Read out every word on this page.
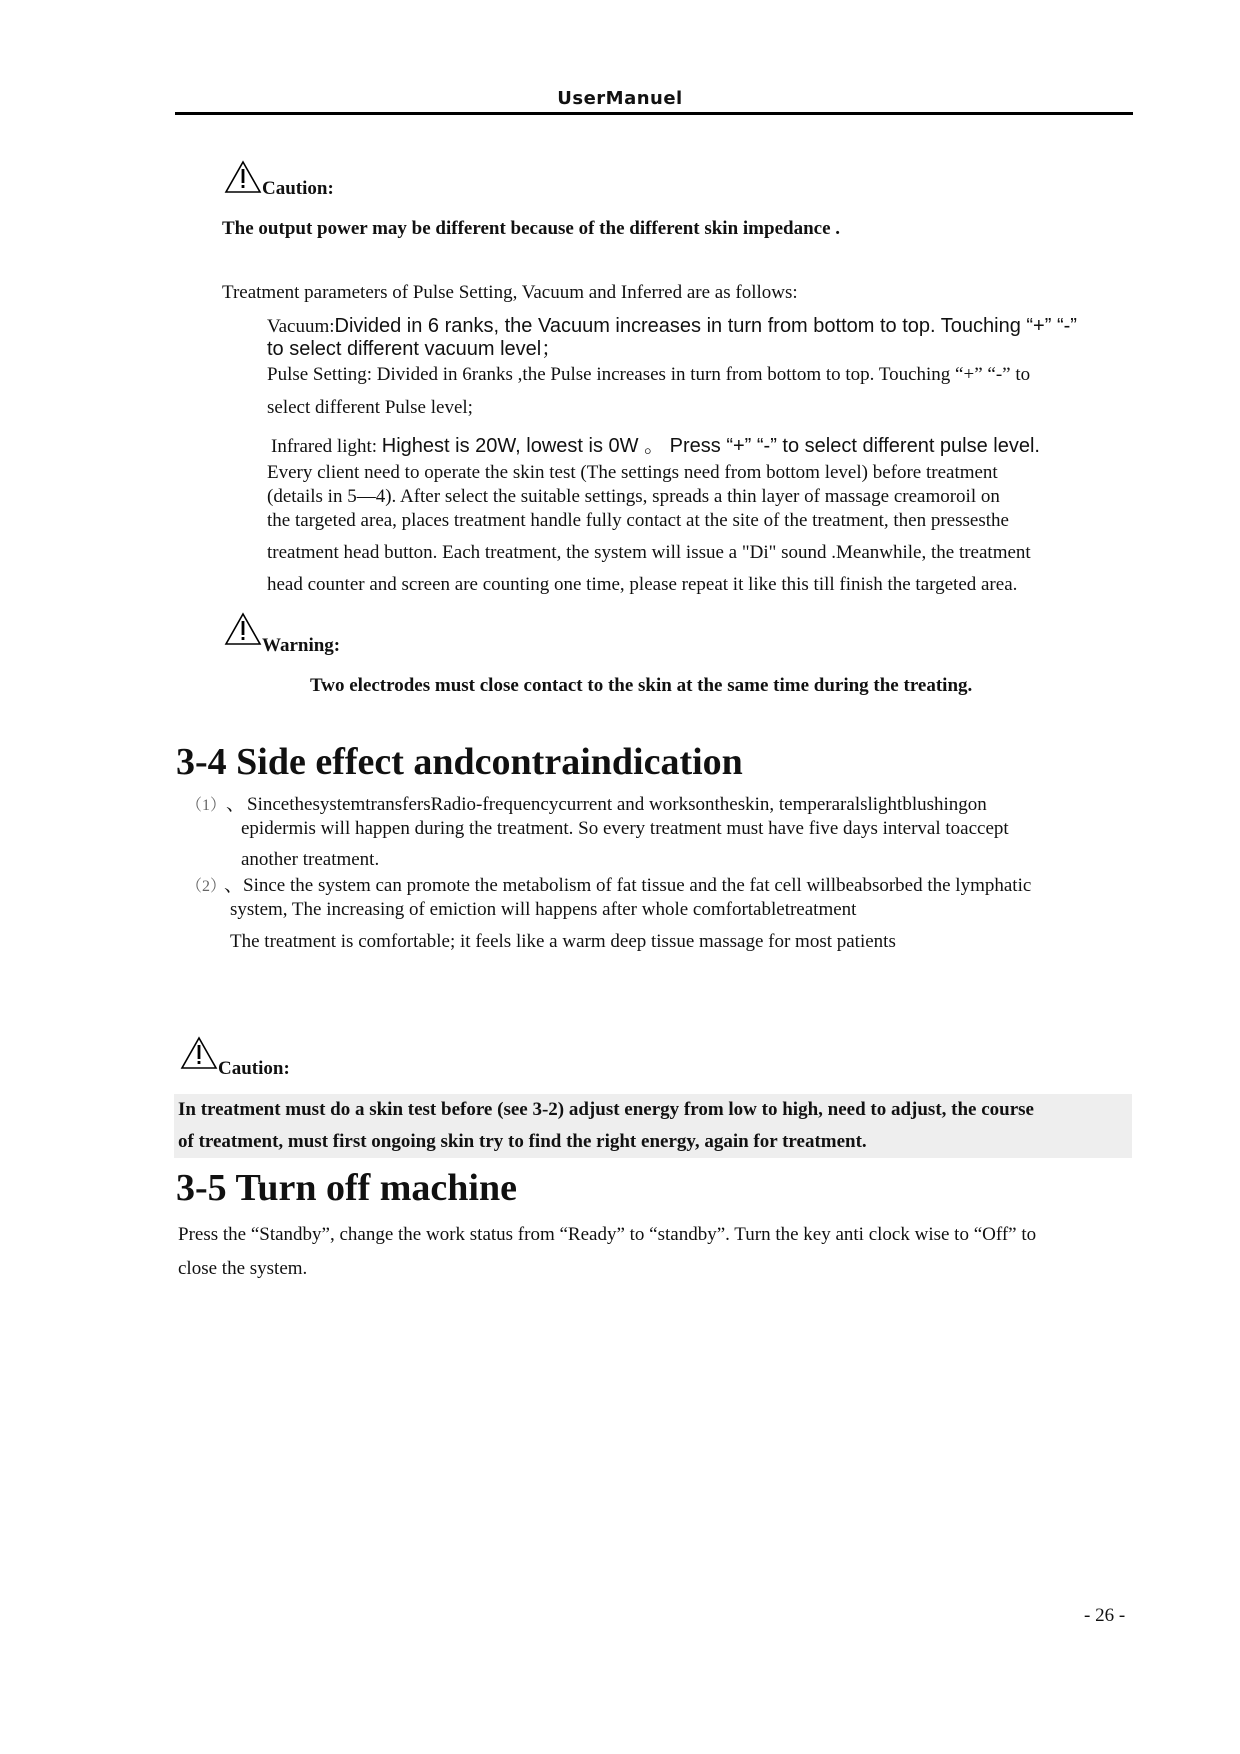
UserManuel
Caution:
The output power may be different because of the different skin impedance .
Treatment parameters of Pulse Setting, Vacuum and Inferred are as follows:
Vacuum:Divided in 6 ranks, the Vacuum increases in turn from bottom to top. Touching “+” “-”
to select different vacuum level；
Pulse Setting: Divided in 6ranks ,the Pulse increases in turn from bottom to top. Touching “+” “-” to
select different Pulse level;
Infrared light: Highest is 20W, lowest is 0W 。 Press “+” “-” to select different pulse level.
Every client need to operate the skin test (The settings need from bottom level) before treatment
(details in 5—4). After select the suitable settings, spreads a thin layer of massage creamoroil on
the targeted area, places treatment handle fully contact at the site of the treatment, then pressesthe
treatment head button. Each treatment, the system will issue a "Di" sound .Meanwhile, the treatment
head counter and screen are counting one time, please repeat it like this till finish the targeted area.
Warning:
Two electrodes must close contact to the skin at the same time during the treating.
3-4 Side effect andcontraindication
（1） 、 SincethesystemtransfersRadio-frequencycurrent and worksontheskin, temperaralslightblushingon
epidermis will happen during the treatment. So every treatment must have five days interval toaccept
another treatment.
（2） 、Since the system can promote the metabolism of fat tissue and the fat cell willbeabsorbed the lymphatic
system, The increasing of emiction will happens after whole comfortabletreatment
The treatment is comfortable; it feels like a warm deep tissue massage for most patients
Caution:
In treatment must do a skin test before (see 3-2) adjust energy from low to high, need to adjust, the course
of treatment, must first ongoing skin try to find the right energy, again for treatment.
3-5 Turn off machine
Press the “Standby”, change the work status from “Ready” to “standby”. Turn the key anti clock wise to “Off” to
close the system.
- 26 -
